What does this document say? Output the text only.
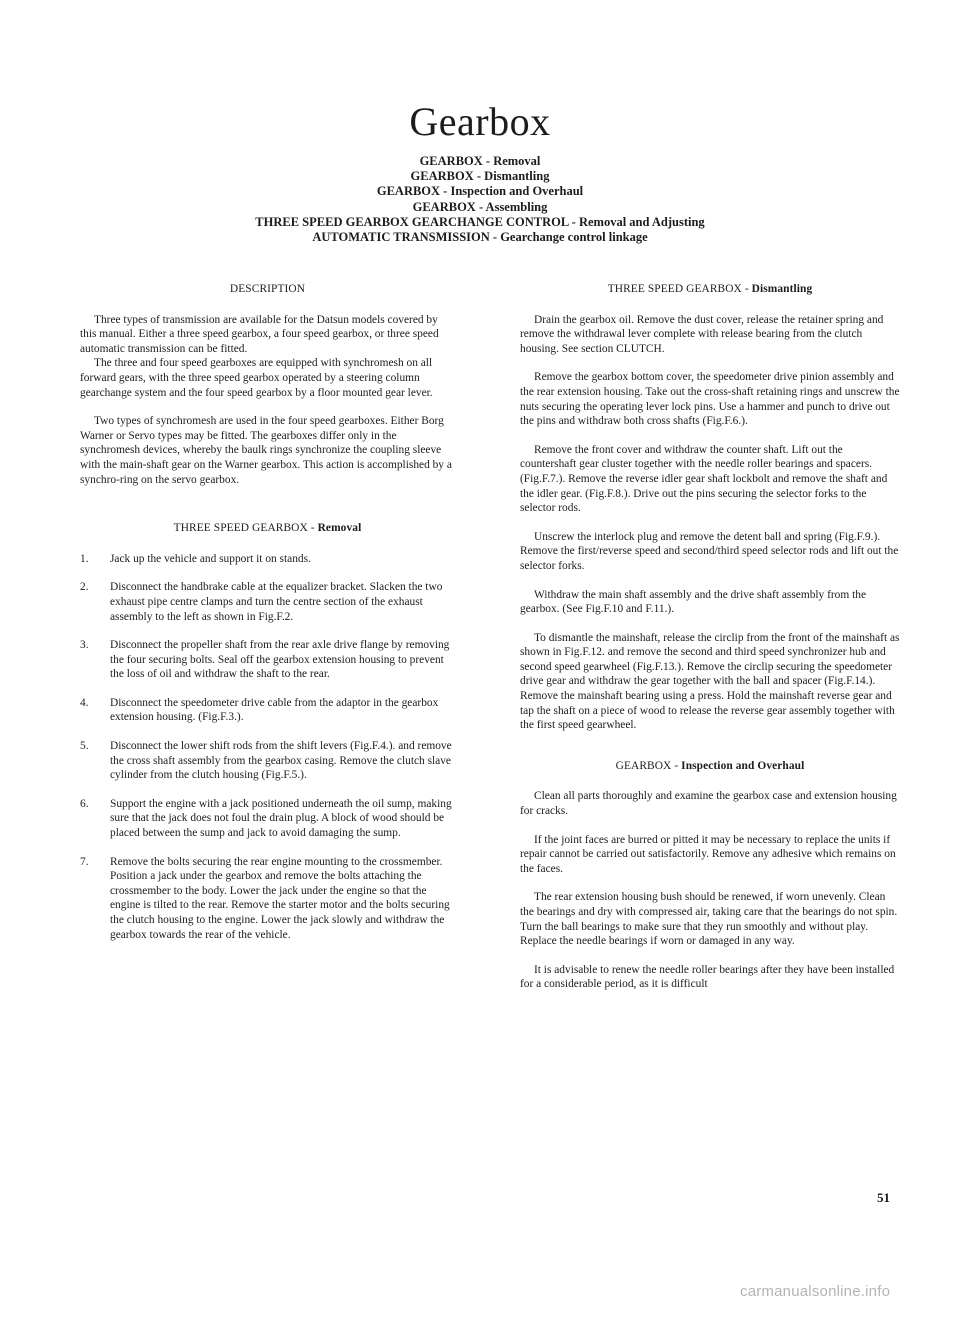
Gearbox
GEARBOX - Removal
GEARBOX - Dismantling
GEARBOX - Inspection and Overhaul
GEARBOX - Assembling
THREE SPEED GEARBOX GEARCHANGE CONTROL - Removal and Adjusting
AUTOMATIC TRANSMISSION - Gearchange control linkage
DESCRIPTION

Three types of transmission are available for the Datsun models covered by this manual. Either a three speed gearbox, a four speed gearbox, or three speed automatic transmission can be fitted.

The three and four speed gearboxes are equipped with synchromesh on all forward gears, with the three speed gearbox operated by a steering column gearchange system and the four speed gearbox by a floor mounted gear lever.

Two types of synchromesh are used in the four speed gearboxes. Either Borg Warner or Servo types may be fitted. The gearboxes differ only in the synchromesh devices, whereby the baulk rings synchronize the coupling sleeve with the main-shaft gear on the Warner gearbox. This action is accomplished by a synchro-ring on the servo gearbox.

THREE SPEED GEARBOX - Removal
1.	Jack up the vehicle and support it on stands.
2.	Disconnect the handbrake cable at the equalizer bracket. Slacken the two exhaust pipe centre clamps and turn the centre section of the exhaust assembly to the left as shown in Fig.F.2.
3.	Disconnect the propeller shaft from the rear axle drive flange by removing the four securing bolts. Seal off the gearbox extension housing to prevent the loss of oil and withdraw the shaft to the rear.
4.	Disconnect the speedometer drive cable from the adaptor in the gearbox extension housing. (Fig.F.3.).
5.	Disconnect the lower shift rods from the shift levers (Fig.F.4.). and remove the cross shaft assembly from the gearbox casing. Remove the clutch slave cylinder from the clutch housing (Fig.F.5.).
6.	Support the engine with a jack positioned underneath the oil sump, making sure that the jack does not foul the drain plug. A block of wood should be placed between the sump and jack to avoid damaging the sump.
7.	Remove the bolts securing the rear engine mounting to the crossmember. Position a jack under the gearbox and remove the bolts attaching the crossmember to the body. Lower the jack under the engine so that the engine is tilted to the rear. Remove the starter motor and the bolts securing the clutch housing to the engine. Lower the jack slowly and withdraw the gearbox towards the rear of the vehicle.
THREE SPEED GEARBOX - Dismantling

Drain the gearbox oil. Remove the dust cover, release the retainer spring and remove the withdrawal lever complete with release bearing from the clutch housing. See section CLUTCH.

Remove the gearbox bottom cover, the speedometer drive pinion assembly and the rear extension housing. Take out the cross-shaft retaining rings and unscrew the nuts securing the operating lever lock pins. Use a hammer and punch to drive out the pins and withdraw both cross shafts (Fig.F.6.).

Remove the front cover and withdraw the counter shaft. Lift out the countershaft gear cluster together with the needle roller bearings and spacers. (Fig.F.7.). Remove the reverse idler gear shaft lockbolt and remove the shaft and the idler gear. (Fig.F.8.). Drive out the pins securing the selector forks to the selector rods.

Unscrew the interlock plug and remove the detent ball and spring (Fig.F.9.). Remove the first/reverse speed and second/third speed selector rods and lift out the selector forks.

Withdraw the main shaft assembly and the drive shaft assembly from the gearbox. (See Fig.F.10 and F.11.).

To dismantle the mainshaft, release the circlip from the front of the mainshaft as shown in Fig.F.12. and remove the second and third speed synchronizer hub and second speed gearwheel (Fig.F.13.). Remove the circlip securing the speedometer drive gear and withdraw the gear together with the ball and spacer (Fig.F.14.). Remove the mainshaft bearing using a press. Hold the mainshaft reverse gear and tap the shaft on a piece of wood to release the reverse gear assembly together with the first speed gearwheel.

GEARBOX - Inspection and Overhaul

Clean all parts thoroughly and examine the gearbox case and extension housing for cracks.

If the joint faces are burred or pitted it may be necessary to replace the units if repair cannot be carried out satisfactorily. Remove any adhesive which remains on the faces.

The rear extension housing bush should be renewed, if worn unevenly. Clean the bearings and dry with compressed air, taking care that the bearings do not spin. Turn the ball bearings to make sure that they run smoothly and without play. Replace the needle bearings if worn or damaged in any way.

It is advisable to renew the needle roller bearings after they have been installed for a considerable period, as it is difficult

51
carmanualsonline.info
